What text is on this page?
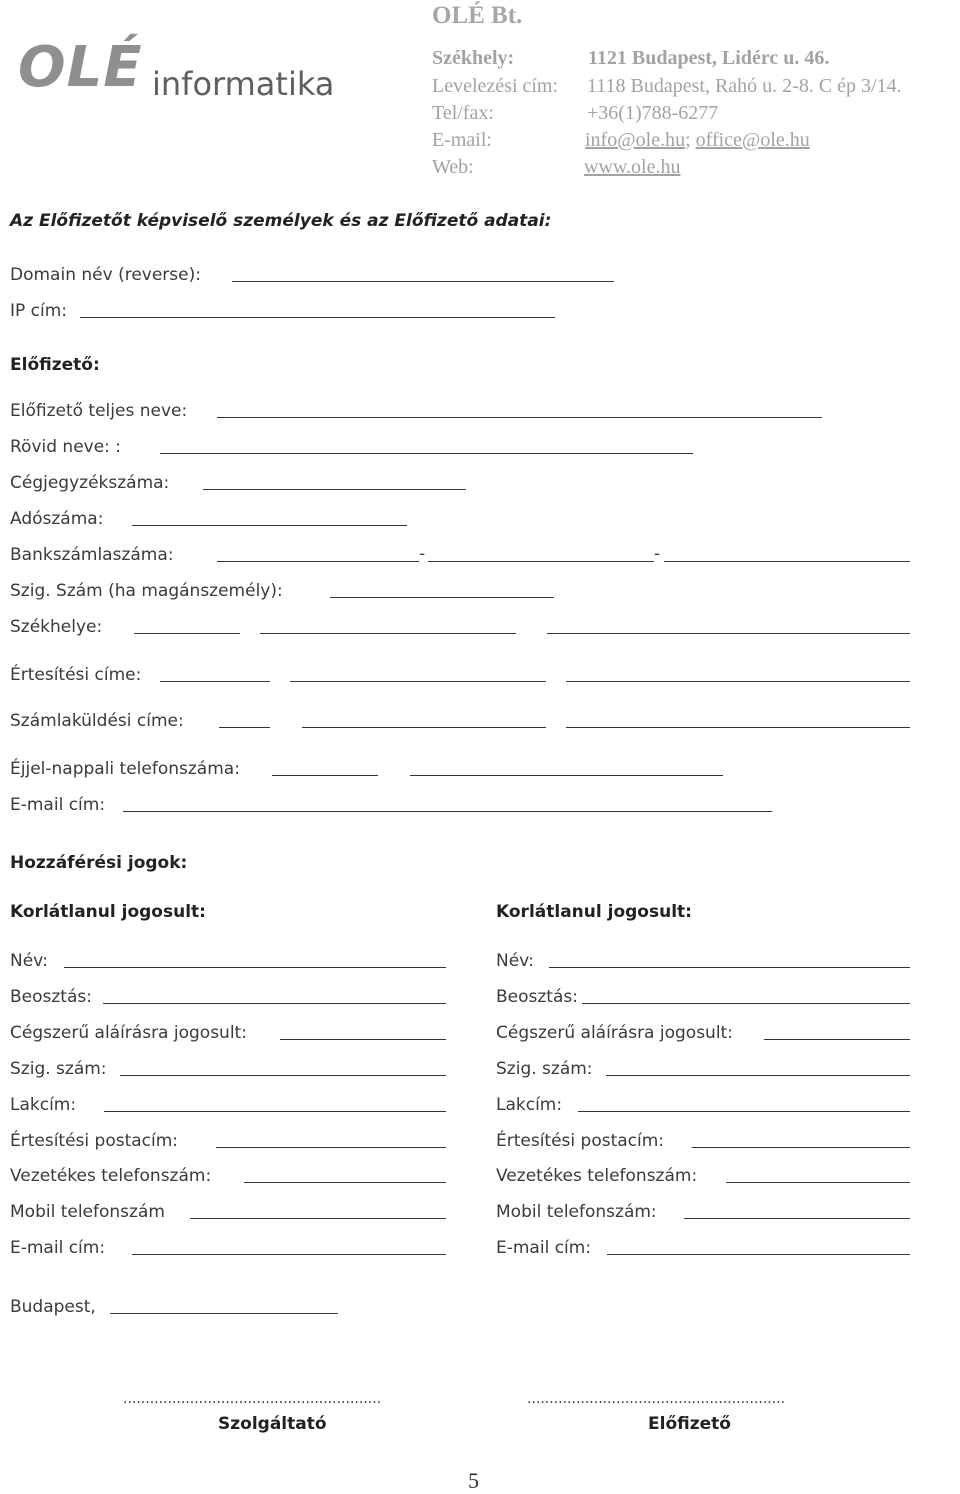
OLÉ informatika
OLÉ Bt.
Székhely:	1121 Budapest, Lidérc u. 46.
Levelezési cím: 1118 Budapest, Rahó u. 2-8. C ép 3/14.
Tel/fax:	+36(1)788-6277
E-mail:	info@ole.hu; office@ole.hu
Web:	www.ole.hu
Az Előfizetőt képviselő személyek és az Előfizető adatai:
Domain név (reverse):
IP cím:
Előfizető:
Előfizető teljes neve:
Rövid neve: :
Cégjegyzékszáma:
Adószáma:
Bankszámlaszáma:	-	-
Szig. Szám (ha magánszemély):
Székhelye:
Értesítési címe:
Számlaküldési címe:
Éjjel-nappali telefonszáma:
E-mail cím:
Hozzáférési jogok:
Korlátlanul jogosult:
Név:
Beosztás:
Cégszerű aláírásra jogosult:
Szig. szám:
Lakcím:
Értesítési postacím:
Vezetékes telefonszám:
Mobil telefonszám
E-mail cím:
Korlátlanul jogosult:
Név:
Beosztás:
Cégszerű aláírásra jogosult:
Szig. szám:
Lakcím:
Értesítési postacím:
Vezetékes telefonszám:
Mobil telefonszám:
E-mail cím:
Budapest,
..........................................................
Szolgáltató
..........................................................
Előfizető
5
